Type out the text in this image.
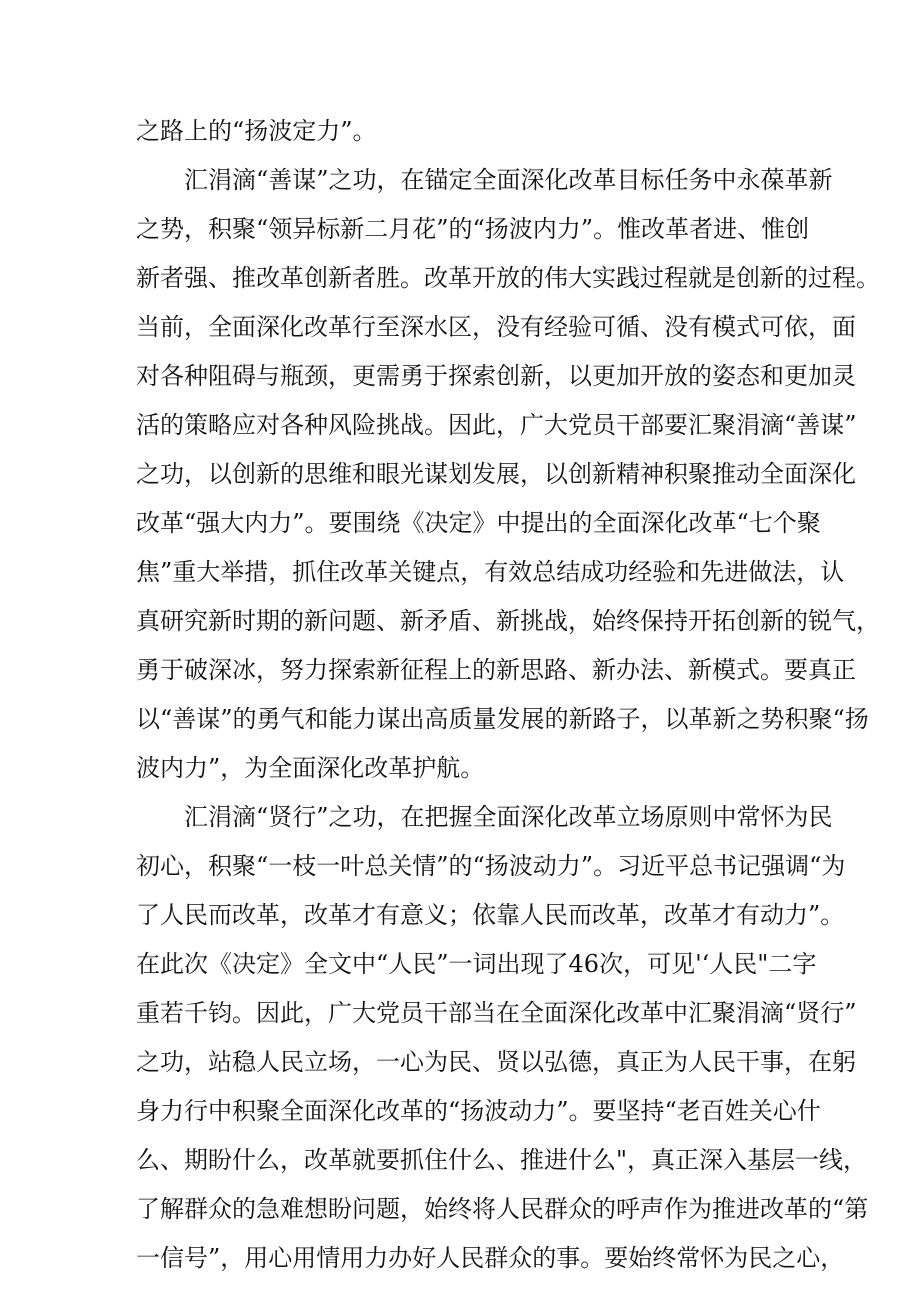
之路上的“扬波定力”。
汇涓滴“善谋”之功，在锚定全面深化改革目标任务中永葆革新
之势，积聚“领异标新二月花”的“扬波内力”。惟改革者进、惟创
新者强、推改革创新者胜。改革开放的伟大实践过程就是创新的过程。
当前，全面深化改革行至深水区，没有经验可循、没有模式可依，面
对各种阻碍与瓶颈，更需勇于探索创新，以更加开放的姿态和更加灵
活的策略应对各种风险挑战。因此，广大党员干部要汇聚涓滴“善谋”
之功，以创新的思维和眼光谋划发展，以创新精神积聚推动全面深化
改革“强大内力”。要围绕《决定》中提出的全面深化改革“七个聚
焦”重大举措，抓住改革关键点，有效总结成功经验和先进做法，认
真研究新时期的新问题、新矛盾、新挑战，始终保持开拓创新的锐气，
勇于破深冰，努力探索新征程上的新思路、新办法、新模式。要真正
以“善谋”的勇气和能力谋出高质量发展的新路子，以革新之势积聚“扬
波内力”，为全面深化改革护航。
汇涓滴“贤行”之功，在把握全面深化改革立场原则中常怀为民
初心，积聚“一枝一叶总关情”的“扬波动力”。习近平总书记强调“为
了人民而改革，改革才有意义；依靠人民而改革，改革才有动力”。
在此次《决定》全文中“人民”一词出现了46次，可见'‘人民"二字
重若千钧。因此，广大党员干部当在全面深化改革中汇聚涓滴“贤行”
之功，站稳人民立场，一心为民、贤以弘德，真正为人民干事，在躬
身力行中积聚全面深化改革的“扬波动力”。要坚持“老百姓关心什
么、期盼什么，改革就要抓住什么、推进什么"，真正深入基层一线，
了解群众的急难想盼问题，始终将人民群众的呼声作为推进改革的“第
一信号”，用心用情用力办好人民群众的事。要始终常怀为民之心，
